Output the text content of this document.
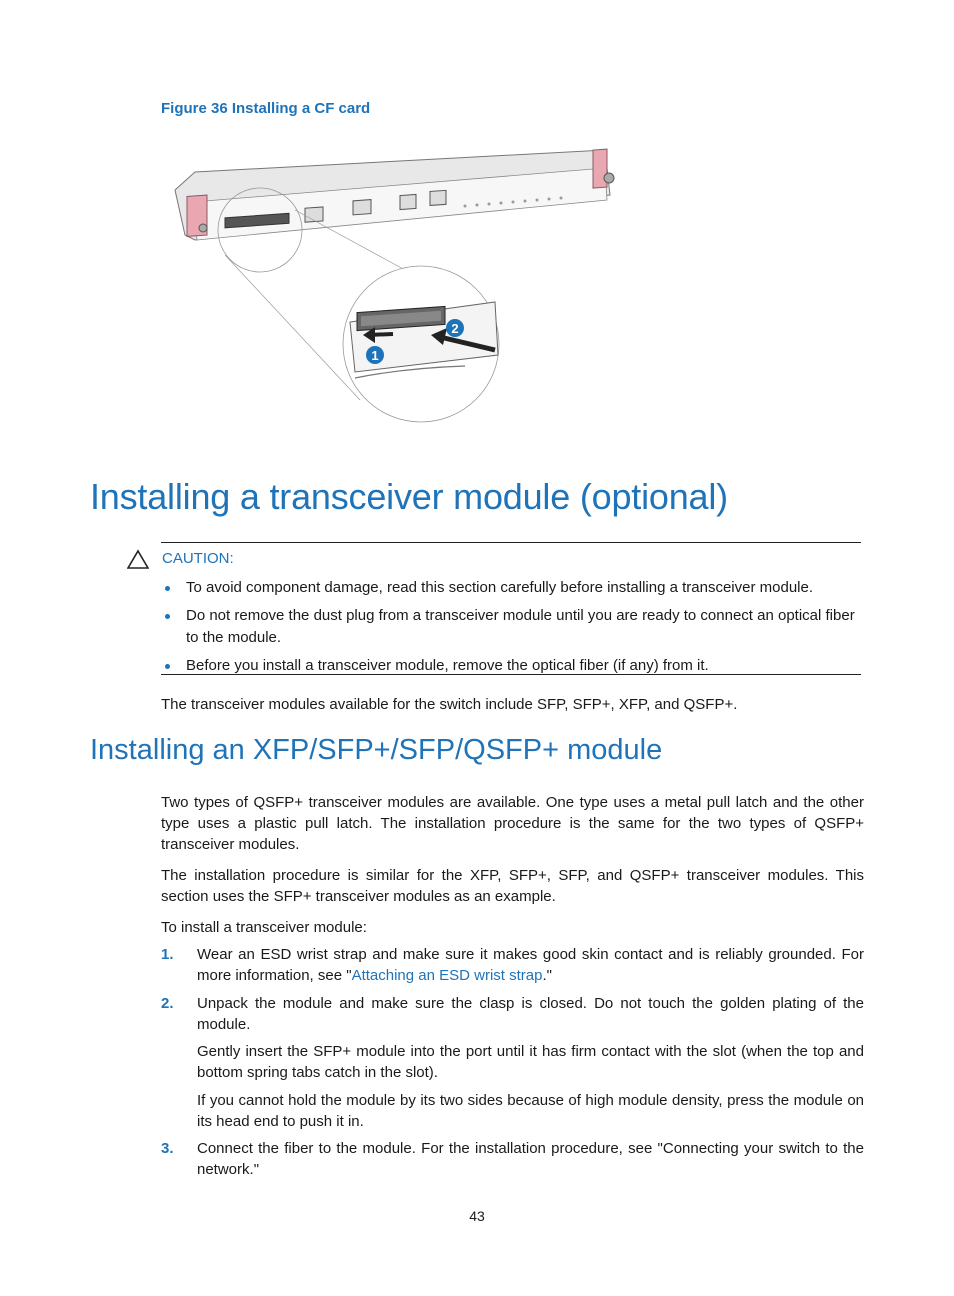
Figure 36 Installing a CF card
1
2
Installing a transceiver module (optional)
CAUTION:
To avoid component damage, read this section carefully before installing a transceiver module.
Do not remove the dust plug from a transceiver module until you are ready to connect an optical fiber to the module.
Before you install a transceiver module, remove the optical fiber (if any) from it.
The transceiver modules available for the switch include SFP, SFP+, XFP, and QSFP+.
Installing an XFP/SFP+/SFP/QSFP+ module
Two types of QSFP+ transceiver modules are available. One type uses a metal pull latch and the other type uses a plastic pull latch. The installation procedure is the same for the two types of QSFP+ transceiver modules.
The installation procedure is similar for the XFP, SFP+, SFP, and QSFP+ transceiver modules. This section uses the SFP+ transceiver modules as an example.
To install a transceiver module:
1. Wear an ESD wrist strap and make sure it makes good skin contact and is reliably grounded. For more information, see "Attaching an ESD wrist strap."
2. Unpack the module and make sure the clasp is closed. Do not touch the golden plating of the module.
Gently insert the SFP+ module into the port until it has firm contact with the slot (when the top and bottom spring tabs catch in the slot).
If you cannot hold the module by its two sides because of high module density, press the module on its head end to push it in.
3. Connect the fiber to the module. For the installation procedure, see "Connecting your switch to the network."
43
